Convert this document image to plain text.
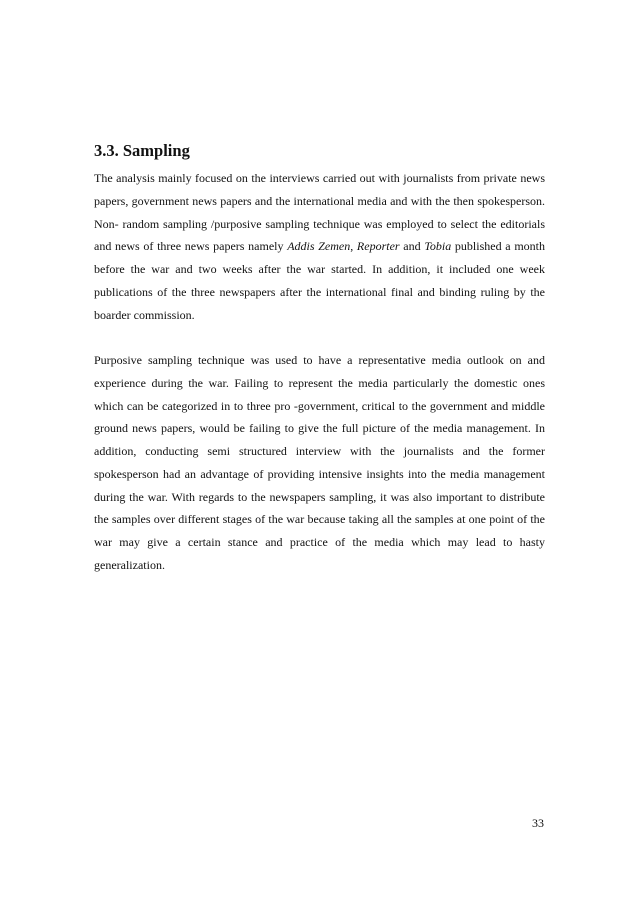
3.3. Sampling

The analysis mainly focused on the interviews carried out with journalists from private news papers, government news papers and the international media and with the then spokesperson. Non- random sampling /purposive sampling technique was employed to select the editorials and news of three news papers namely Addis Zemen, Reporter and Tobia published a month before the war and two weeks after the war started. In addition, it included one week publications of the three newspapers after the international final and binding ruling by the boarder commission.

Purposive sampling technique was used to have a representative media outlook on and experience during the war. Failing to represent the media particularly the domestic ones which can be categorized in to three pro -government, critical to the government and middle ground news papers, would be failing to give the full picture of the media management. In addition, conducting semi structured interview with the journalists and the former spokesperson had an advantage of providing intensive insights into the media management during the war. With regards to the newspapers sampling, it was also important to distribute the samples over different stages of the war because taking all the samples at one point of the war may give a certain stance and practice of the media which may lead to hasty generalization.

33
